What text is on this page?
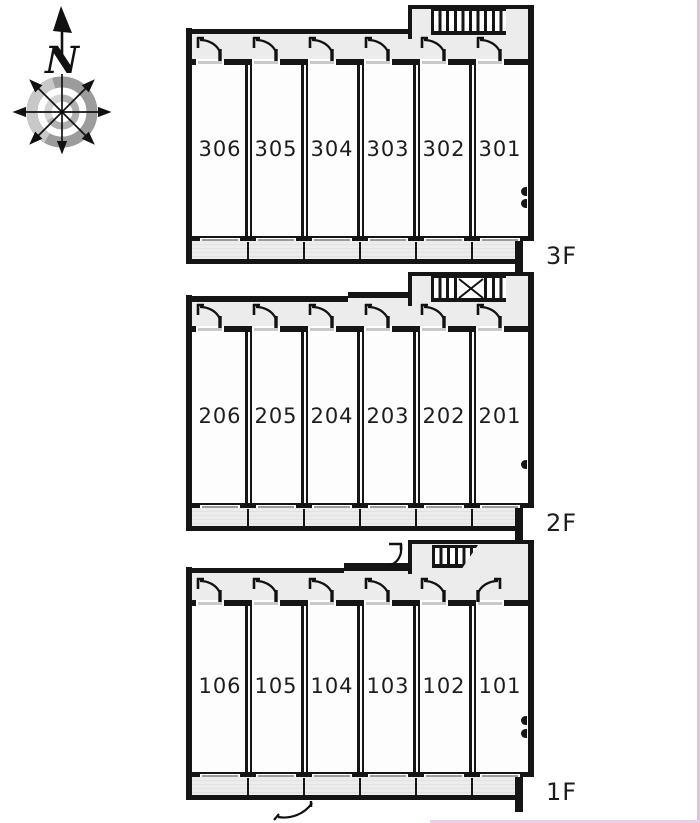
N
306 305 304 303 302 301
3F
206 205 204 203 202 201
2F
106 105 104 103 102 101
1F
